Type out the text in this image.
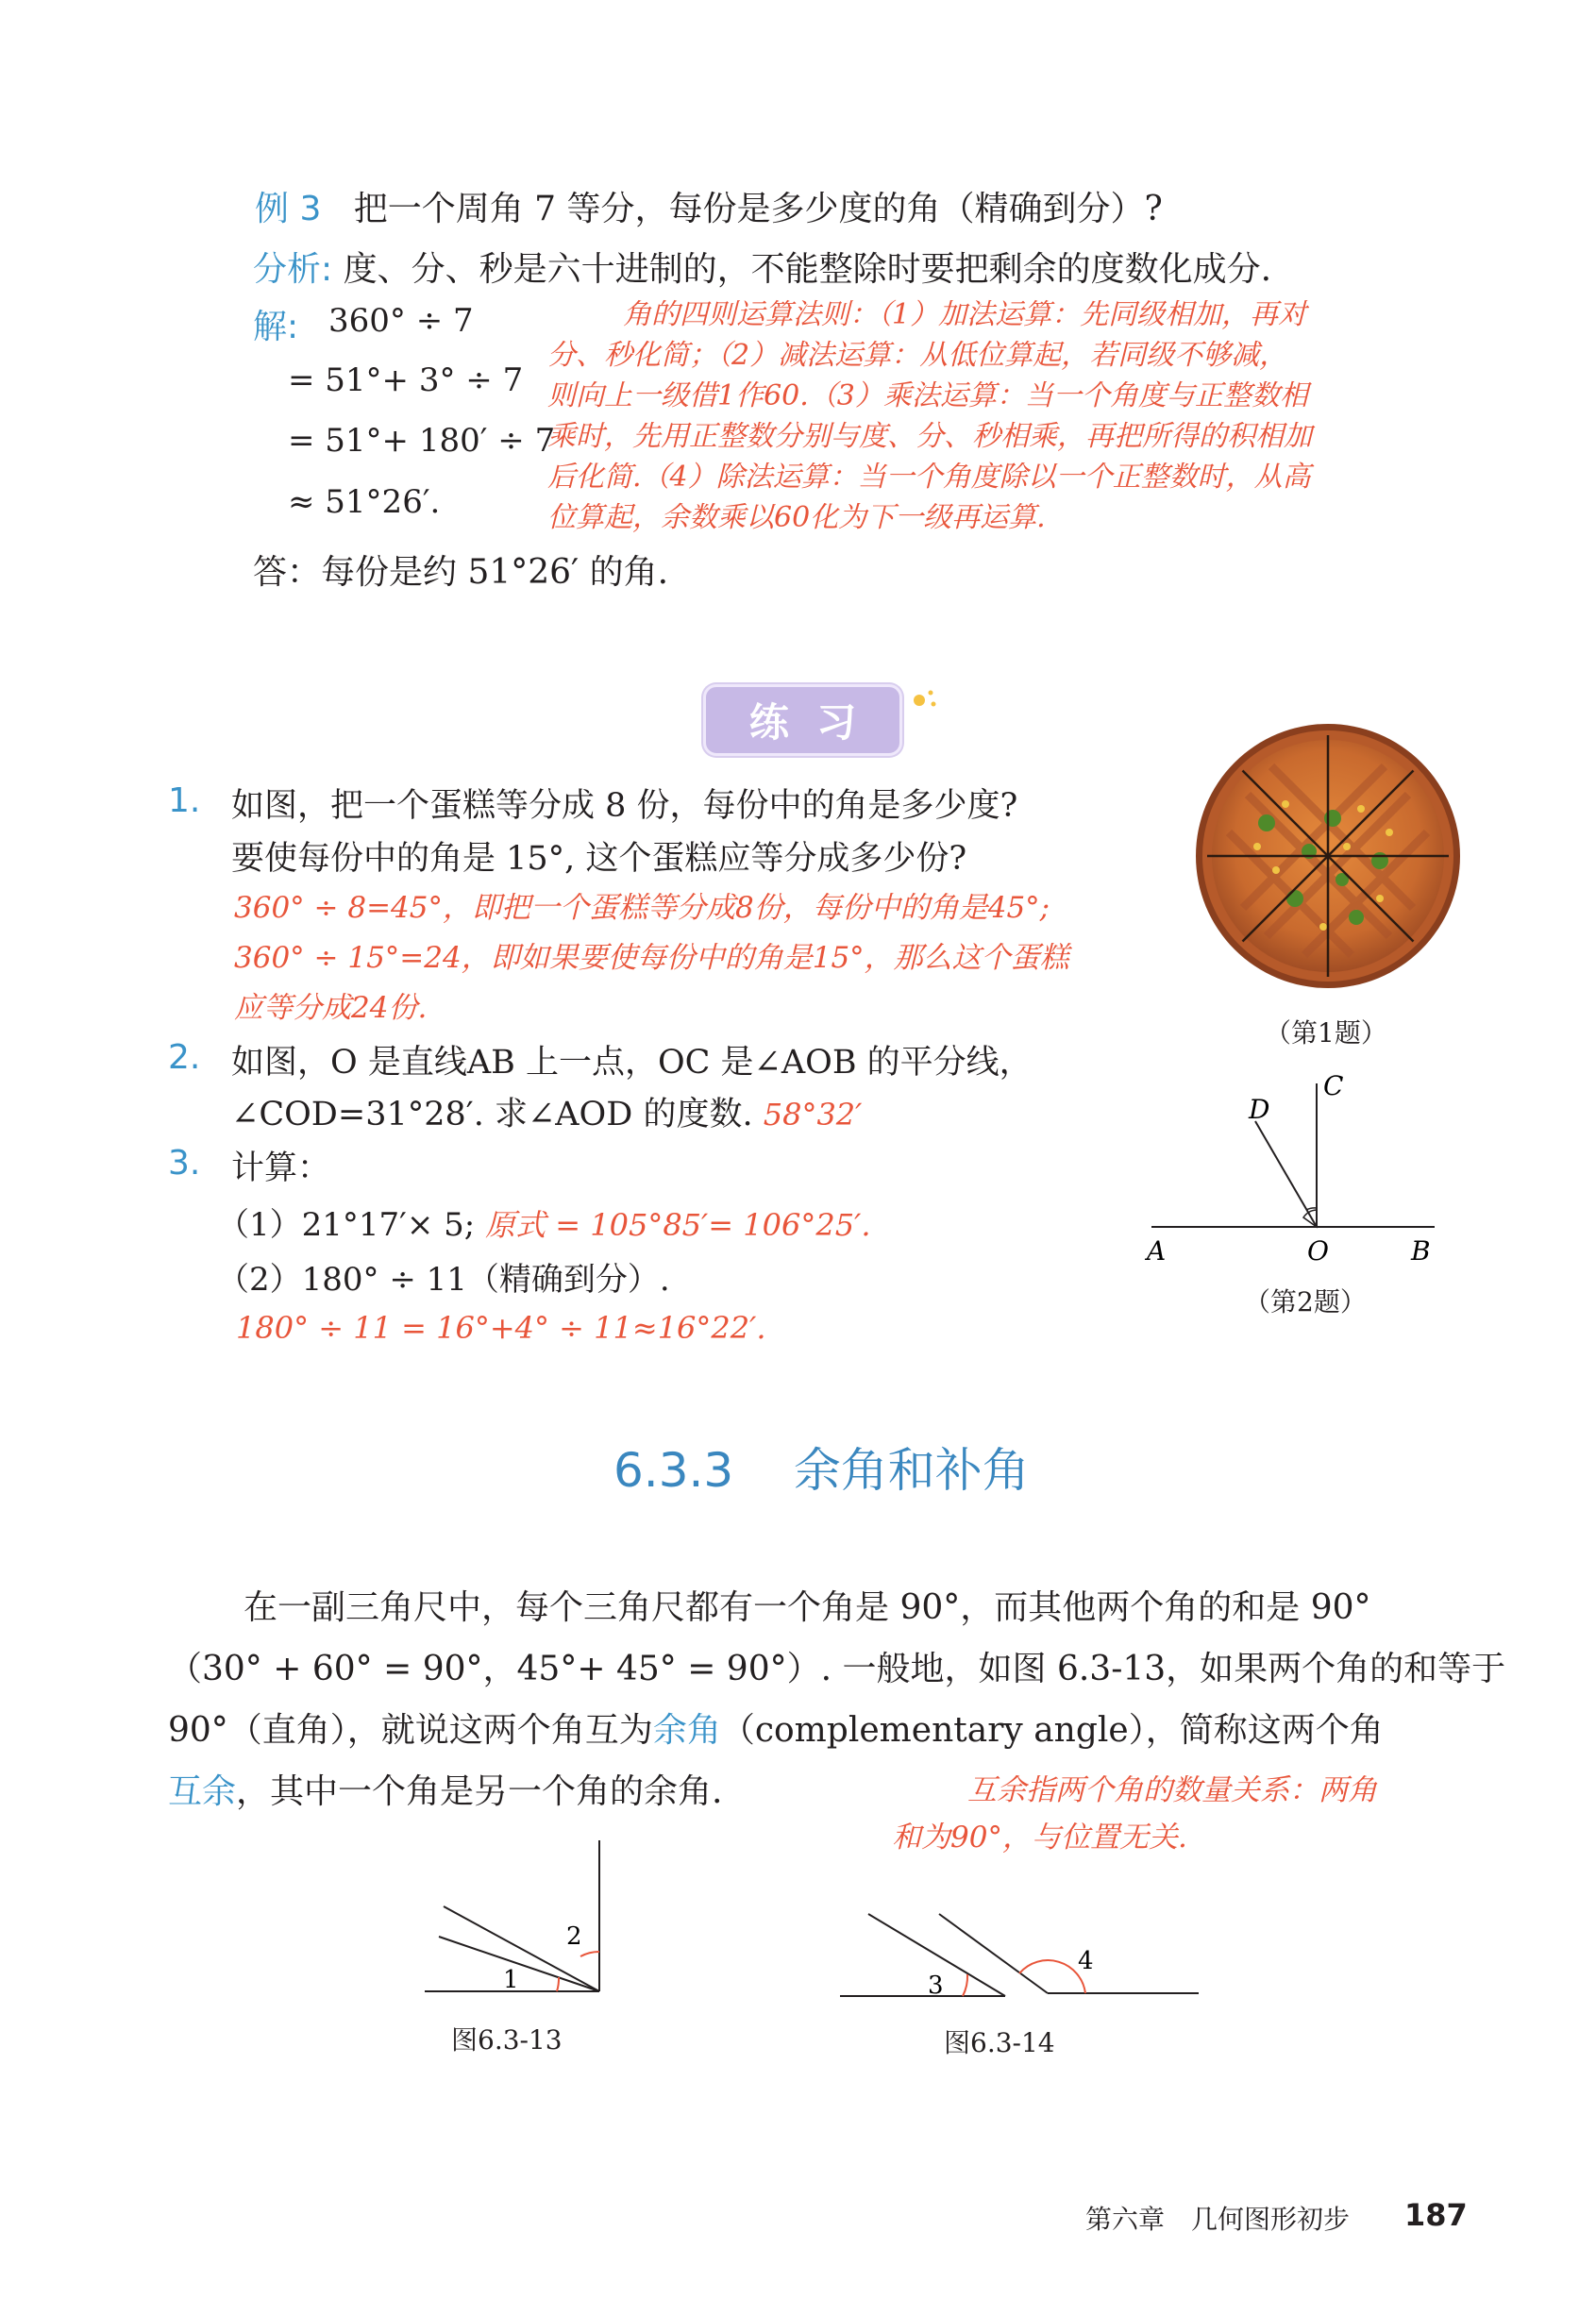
例 3 把一个周角 7 等分，每份是多少度的角（精确到分）?
分析: 度、分、秒是六十进制的，不能整除时要把剩余的度数化成分.
解: 360° ÷ 7
= 51°+ 3° ÷ 7
= 51°+ 180′ ÷ 7
≈ 51°26′.
答：每份是约 51°26′ 的角.
角的四则运算法则：（1）加法运算：先同级相加，再对
分、秒化简；（2）减法运算：从低位算起，若同级不够减，
则向上一级借1作60.（3）乘法运算：当一个角度与正整数相
乘时，先用正整数分别与度、分、秒相乘，再把所得的积相加
后化简.（4）除法运算：当一个角度除以一个正整数时，从高
位算起，余数乘以60化为下一级再运算.
练  习
1. 如图，把一个蛋糕等分成 8 份，每份中的角是多少度?
要使每份中的角是 15°, 这个蛋糕应等分成多少份?
360° ÷ 8=45°，即把一个蛋糕等分成8份，每份中的角是45°;
360° ÷ 15°=24，即如果要使每份中的角是15°，那么这个蛋糕
应等分成24份.
（第1题）
2. 如图，O 是直线AB 上一点，OC 是∠AOB 的平分线，
∠COD=31°28′. 求∠AOD 的度数. 58°32′
C
D
A	O	B
（第2题）
3. 计算：
（1）21°17′× 5; 原式 = 105°85′= 106°25′.
（2）180° ÷ 11（精确到分）.
180° ÷ 11 = 16°+4° ÷ 11≈16°22′.
6.3.3 余角和补角
在一副三角尺中，每个三角尺都有一个角是 90°，而其他两个角的和是 90°
（30° + 60° = 90°，45°+ 45° = 90°）. 一般地，如图 6.3-13，如果两个角的和等于
90°（直角），就说这两个角互为余角（complementary angle），简称这两个角
互余，其中一个角是另一个角的余角.	互余指两个角的数量关系：两角
和为90°，与位置无关.
1
2
图6.3-13
3
4
图6.3-14
第六章　几何图形初步 187
